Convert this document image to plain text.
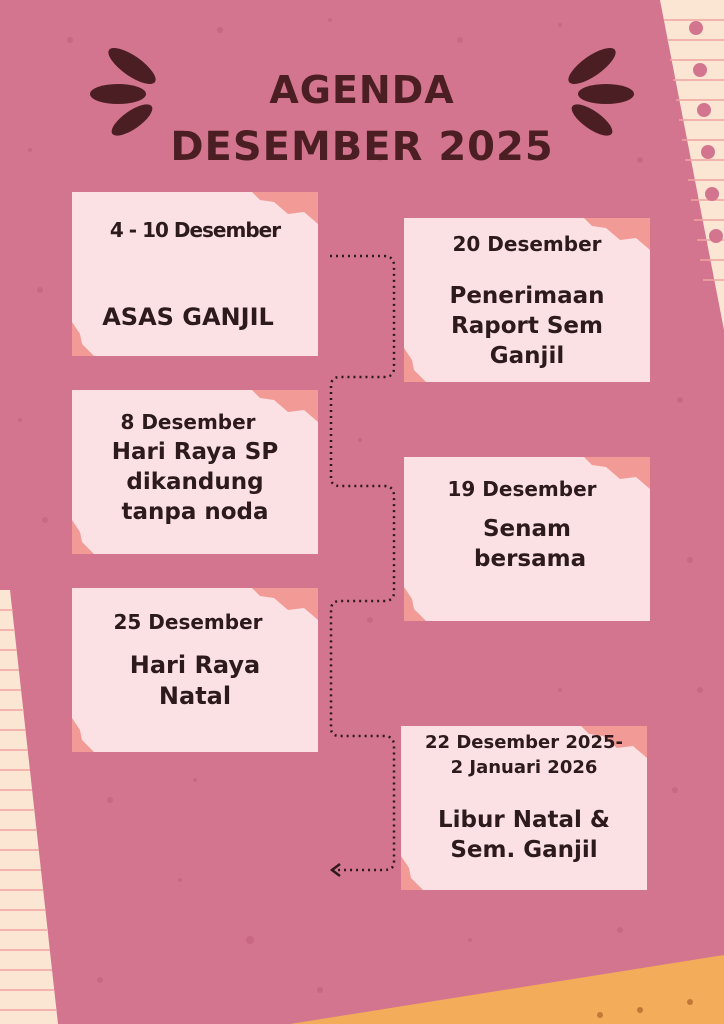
AGENDA
DESEMBER 2025
4 - 10 Desember
ASAS GANJIL
20 Desember
Penerimaan Raport Sem Ganjil
8 Desember
Hari Raya SP dikandung tanpa noda
19 Desember
Senam bersama
25 Desember
Hari Raya Natal
22 Desember 2025- 2 Januari 2026
Libur Natal & Sem. Ganjil
